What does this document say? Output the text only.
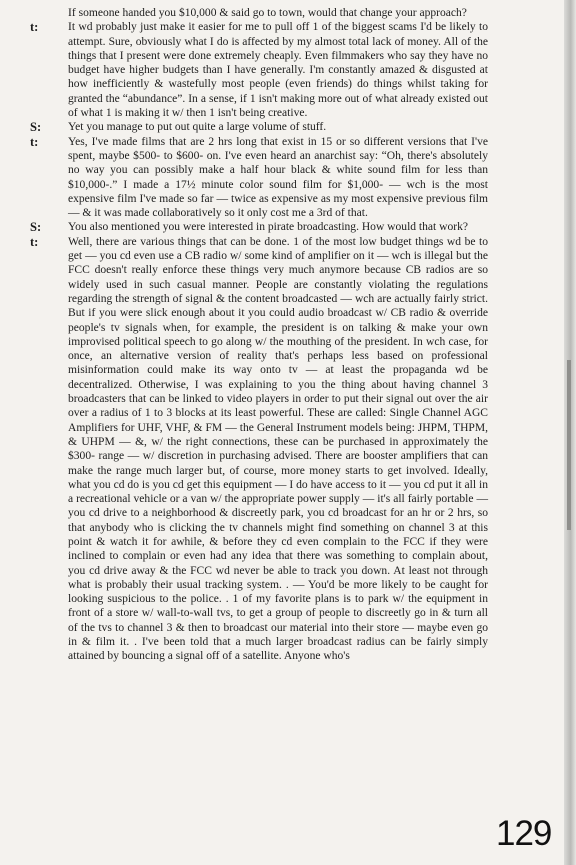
If someone handed you $10,000 & said go to town, would that change your approach?
t:	It wd probably just make it easier for me to pull off 1 of the biggest scams I'd be likely to attempt. Sure, obviously what I do is affected by my almost total lack of money. All of the things that I present were done extremely cheaply. Even filmmakers who say they have no budget have higher budgets than I have generally. I'm constantly amazed & disgusted at how inefficiently & wastefully most people (even friends) do things whilst taking for granted the “abundance”. In a sense, if 1 isn't making more out of what already existed out of what 1 is making it w/ then 1 isn't being creative.
S:	Yet you manage to put out quite a large volume of stuff.
t:	Yes, I've made films that are 2 hrs long that exist in 15 or so different versions that I've spent, maybe $500- to $600- on. I've even heard an anarchist say: “Oh, there's absolutely no way you can possibly make a half hour black & white sound film for less than $10,000-.” I made a 17½ minute color sound film for $1,000- — wch is the most expensive film I've made so far — twice as expensive as my most expensive previous film — & it was made collaboratively so it only cost me a 3rd of that.
S:	You also mentioned you were interested in pirate broadcasting. How would that work?
t:	Well, there are various things that can be done. 1 of the most low budget things wd be to get — you cd even use a CB radio w/ some kind of amplifier on it — wch is illegal but the FCC doesn't really enforce these things very much anymore because CB radios are so widely used in such casual manner. People are constantly violating the regulations regarding the strength of signal & the content broadcasted — wch are actually fairly strict. But if you were slick enough about it you could audio broadcast w/ CB radio & override people's tv signals when, for example, the president is on talking & make your own improvised political speech to go along w/ the mouthing of the president. In wch case, for once, an alternative version of reality that's perhaps less based on professional misinformation could make its way onto tv — at least the propaganda wd be decentralized. Otherwise, I was explaining to you the thing about having channel 3 broadcasters that can be linked to video players in order to put their signal out over the air over a radius of 1 to 3 blocks at its least powerful. These are called: Single Channel AGC Amplifiers for UHF, VHF, & FM — the General Instrument models being: JHPM, THPM, & UHPM — &, w/ the right connections, these can be purchased in approximately the $300- range — w/ discretion in purchasing advised. There are booster amplifiers that can make the range much larger but, of course, more money starts to get involved. Ideally, what you cd do is you cd get this equipment — I do have access to it — you cd put it all in a recreational vehicle or a van w/ the appropriate power supply — it's all fairly portable — you cd drive to a neighborhood & discreetly park, you cd broadcast for an hr or 2 hrs, so that anybody who is clicking the tv channels might find something on channel 3 at this point & watch it for awhile, & before they cd even complain to the FCC if they were inclined to complain or even had any idea that there was something to complain about, you cd drive away & the FCC wd never be able to track you down. At least not through what is probably their usual tracking system. . — You'd be more likely to be caught for looking suspicious to the police. . 1 of my favorite plans is to park w/ the equipment in front of a store w/ wall-to-wall tvs, to get a group of people to discreetly go in & turn all of the tvs to channel 3 & then to broadcast our material into their store — maybe even go in & film it. . I've been told that a much larger broadcast radius can be fairly simply attained by bouncing a signal off of a satellite. Anyone who's
129
